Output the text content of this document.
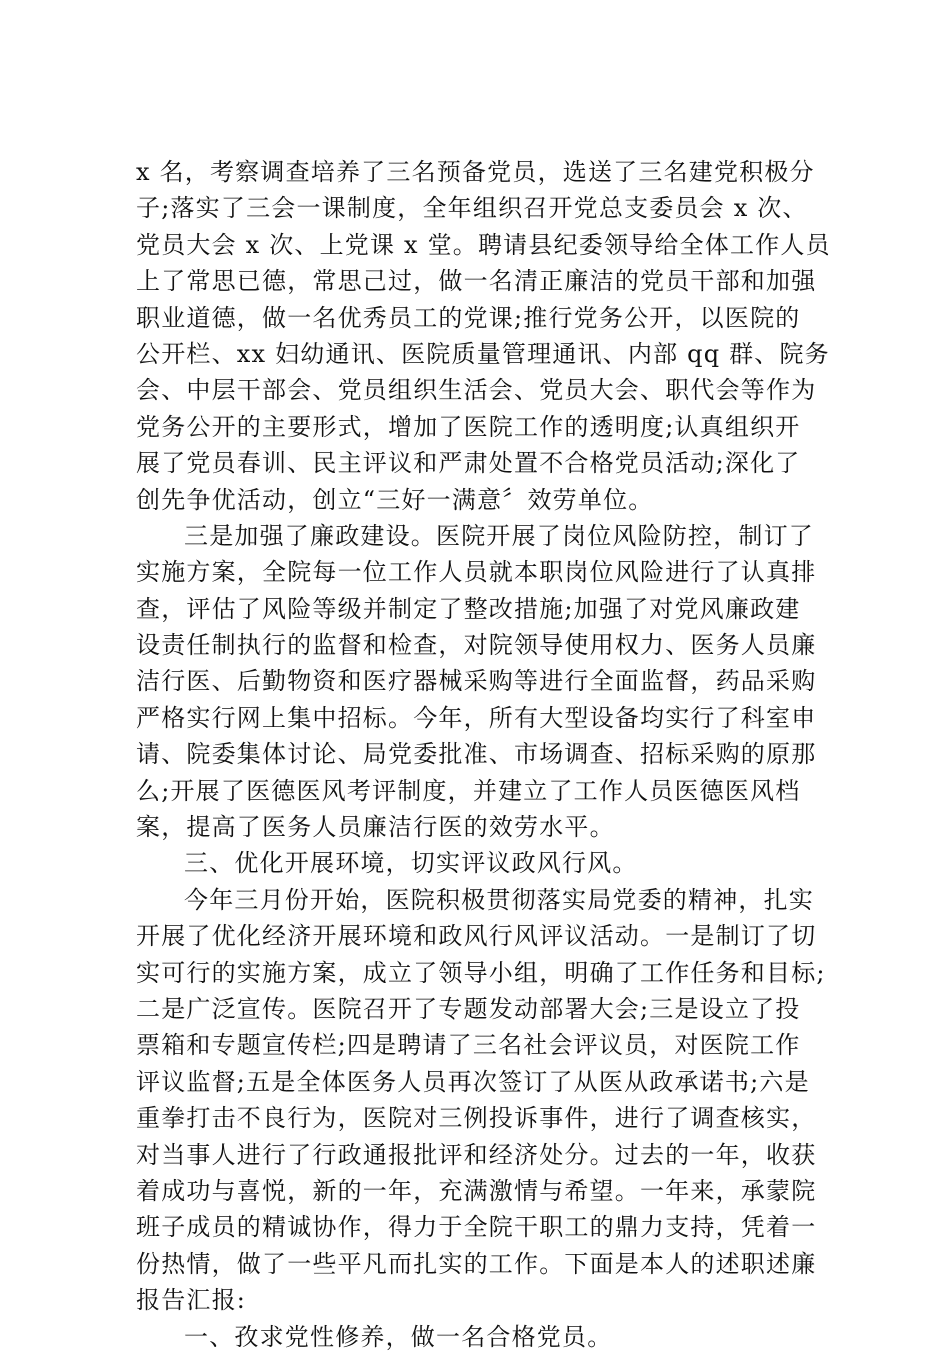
x 名，考察调查培养了三名预备党员，选送了三名建党积极分
子;落实了三会一课制度，全年组织召开党总支委员会 x 次、
党员大会 x 次、上党课 x 堂。聘请县纪委领导给全体工作人员
上了常思已德，常思己过，做一名清正廉洁的党员干部和加强
职业道德，做一名优秀员工的党课;推行党务公开，以医院的
公开栏、xx 妇幼通讯、医院质量管理通讯、内部 qq 群、院务
会、中层干部会、党员组织生活会、党员大会、职代会等作为
党务公开的主要形式，增加了医院工作的透明度;认真组织开
展了党员春训、民主评议和严肃处置不合格党员活动;深化了
创先争优活动，创立“三好一满意〞效劳单位。
三是加强了廉政建设。医院开展了岗位风险防控，制订了
实施方案，全院每一位工作人员就本职岗位风险进行了认真排
查，评估了风险等级并制定了整改措施;加强了对党风廉政建
设责任制执行的监督和检查，对院领导使用权力、医务人员廉
洁行医、后勤物资和医疗器械采购等进行全面监督，药品采购
严格实行网上集中招标。今年，所有大型设备均实行了科室申
请、院委集体讨论、局党委批准、市场调查、招标采购的原那
么;开展了医德医风考评制度，并建立了工作人员医德医风档
案，提高了医务人员廉洁行医的效劳水平。
三、优化开展环境，切实评议政风行风。
今年三月份开始，医院积极贯彻落实局党委的精神，扎实
开展了优化经济开展环境和政风行风评议活动。一是制订了切
实可行的实施方案，成立了领导小组，明确了工作任务和目标;
二是广泛宣传。医院召开了专题发动部署大会;三是设立了投
票箱和专题宣传栏;四是聘请了三名社会评议员，对医院工作
评议监督;五是全体医务人员再次签订了从医从政承诺书;六是
重拳打击不良行为，医院对三例投诉事件，进行了调查核实，
对当事人进行了行政通报批评和经济处分。过去的一年，收获
着成功与喜悦，新的一年，充满激情与希望。一年来，承蒙院
班子成员的精诚协作，得力于全院干职工的鼎力支持，凭着一
份热情，做了一些平凡而扎实的工作。下面是本人的述职述廉
报告汇报:
一、孜求党性修养，做一名合格党员。
